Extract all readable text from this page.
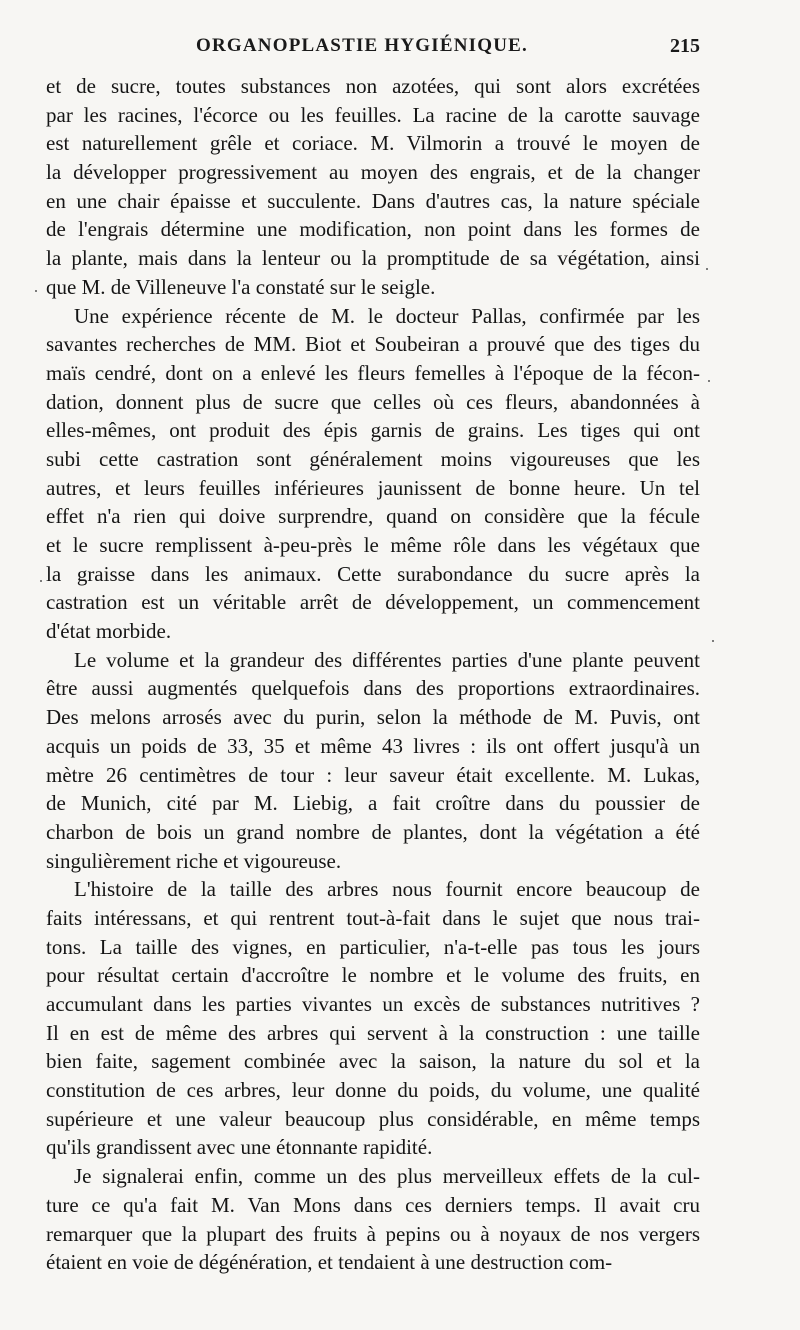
ORGANOPLASTIE HYGIÉNIQUE.	215
et de sucre, toutes substances non azotées, qui sont alors excrétées
par les racines, l'écorce ou les feuilles. La racine de la carotte sauvage
est naturellement grêle et coriace. M. Vilmorin a trouvé le moyen de
la développer progressivement au moyen des engrais, et de la changer
en une chair épaisse et succulente. Dans d'autres cas, la nature spéciale
de l'engrais détermine une modification, non point dans les formes de
la plante, mais dans la lenteur ou la promptitude de sa végétation, ainsi
que M. de Villeneuve l'a constaté sur le seigle.
Une expérience récente de M. le docteur Pallas, confirmée par les
savantes recherches de MM. Biot et Soubeiran a prouvé que des tiges du
maïs cendré, dont on a enlevé les fleurs femelles à l'époque de la fécon-
dation, donnent plus de sucre que celles où ces fleurs, abandonnées à
elles-mêmes, ont produit des épis garnis de grains. Les tiges qui ont
subi cette castration sont généralement moins vigoureuses que les
autres, et leurs feuilles inférieures jaunissent de bonne heure. Un tel
effet n'a rien qui doive surprendre, quand on considère que la fécule
et le sucre remplissent à-peu-près le même rôle dans les végétaux que
la graisse dans les animaux. Cette surabondance du sucre après la
castration est un véritable arrêt de développement, un commencement
d'état morbide.
Le volume et la grandeur des différentes parties d'une plante peuvent
être aussi augmentés quelquefois dans des proportions extraordinaires.
Des melons arrosés avec du purin, selon la méthode de M. Puvis, ont
acquis un poids de 33, 35 et même 43 livres : ils ont offert jusqu'à un
mètre 26 centimètres de tour : leur saveur était excellente. M. Lukas,
de Munich, cité par M. Liebig, a fait croître dans du poussier de
charbon de bois un grand nombre de plantes, dont la végétation a été
singulièrement riche et vigoureuse.
L'histoire de la taille des arbres nous fournit encore beaucoup de
faits intéressans, et qui rentrent tout-à-fait dans le sujet que nous trai-
tons. La taille des vignes, en particulier, n'a-t-elle pas tous les jours
pour résultat certain d'accroître le nombre et le volume des fruits, en
accumulant dans les parties vivantes un excès de substances nutritives ?
Il en est de même des arbres qui servent à la construction : une taille
bien faite, sagement combinée avec la saison, la nature du sol et la
constitution de ces arbres, leur donne du poids, du volume, une qualité
supérieure et une valeur beaucoup plus considérable, en même temps
qu'ils grandissent avec une étonnante rapidité.
Je signalerai enfin, comme un des plus merveilleux effets de la cul-
ture ce qu'a fait M. Van Mons dans ces derniers temps. Il avait cru
remarquer que la plupart des fruits à pepins ou à noyaux de nos vergers
étaient en voie de dégénération, et tendaient à une destruction com-
